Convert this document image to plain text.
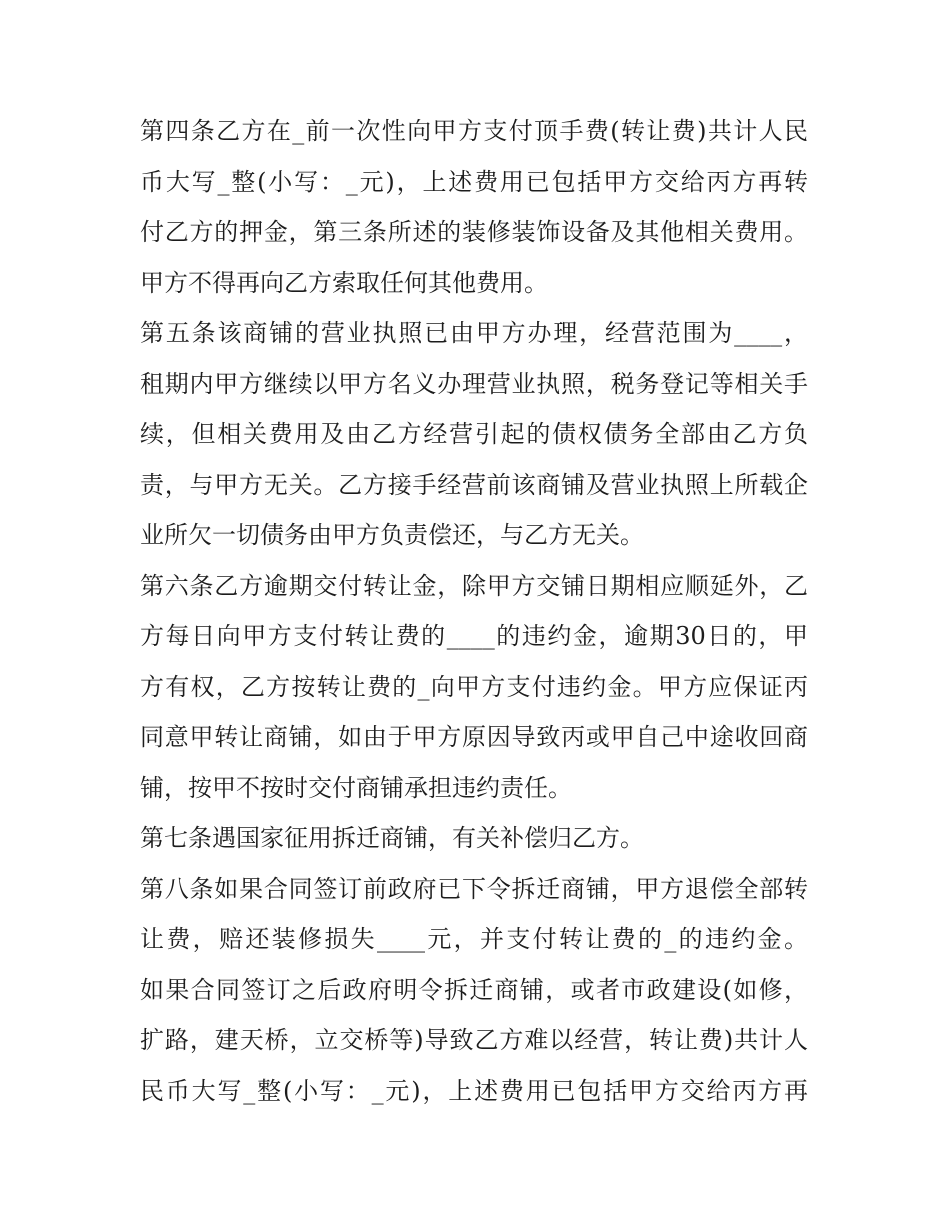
第四条乙方在_前一次性向甲方支付顶手费(转让费)共计人民
币大写_整(小写：_元)，上述费用已包括甲方交给丙方再转
付乙方的押金，第三条所述的装修装饰设备及其他相关费用。
甲方不得再向乙方索取任何其他费用。
第五条该商铺的营业执照已由甲方办理，经营范围为____，
租期内甲方继续以甲方名义办理营业执照，税务登记等相关手
续，但相关费用及由乙方经营引起的债权债务全部由乙方负
责，与甲方无关。乙方接手经营前该商铺及营业执照上所载企
业所欠一切债务由甲方负责偿还，与乙方无关。
第六条乙方逾期交付转让金，除甲方交铺日期相应顺延外，乙
方每日向甲方支付转让费的____的违约金，逾期30日的，甲
方有权，乙方按转让费的_向甲方支付违约金。甲方应保证丙
同意甲转让商铺，如由于甲方原因导致丙或甲自己中途收回商
铺，按甲不按时交付商铺承担违约责任。
第七条遇国家征用拆迁商铺，有关补偿归乙方。
第八条如果合同签订前政府已下令拆迁商铺，甲方退偿全部转
让费，赔还装修损失____元，并支付转让费的_的违约金。
如果合同签订之后政府明令拆迁商铺，或者市政建设(如修，
扩路，建天桥，立交桥等)导致乙方难以经营，转让费)共计人
民币大写_整(小写：_元)，上述费用已包括甲方交给丙方再
